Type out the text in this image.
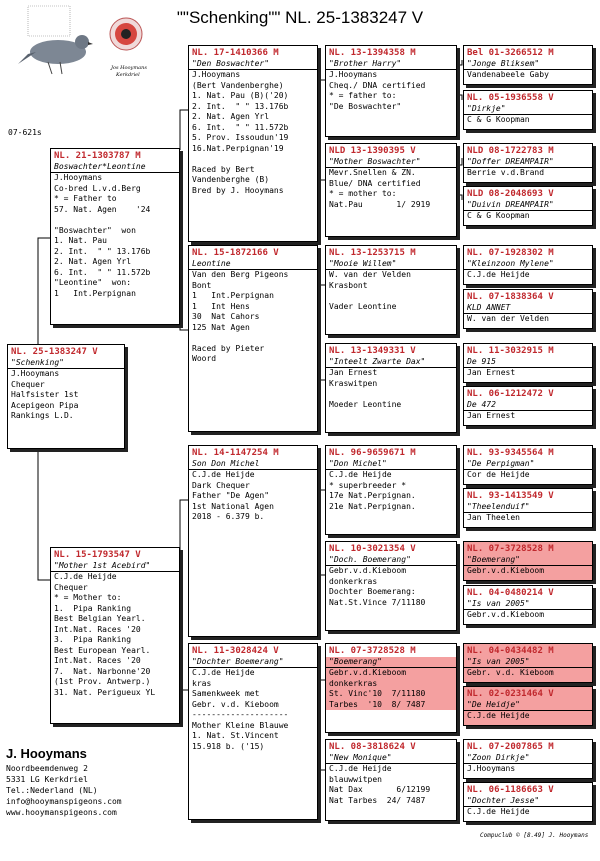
""Schenking"" NL. 25-1383247 V
Jos Hooymans
Kerkdriel
07-621s
NL. 25-1383247 V
"Schenking"
J.Hooymans
Chequer
Halfsister 1st
Acepigeon Pipa
Rankings L.D.
NL. 21-1303787 M
Boswachter*Leontine
J.Hooymans
Co-bred L.v.d.Berg
* = Father to
57. Nat. Agen    '24

"Boswachter"  won
1. Nat. Pau
2. Int.  " " 13.176b
2. Nat. Agen Yrl
6. Int.  " " 11.572b
"Leontine"  won:
1   Int.Perpignan
NL. 15-1793547 V
"Mother 1st Acebird"
C.J.de Heijde
Chequer
* = Mother to:
1.  Pipa Ranking
Best Belgian Yearl.
Int.Nat. Races '20
3.  Pipa Ranking
Best European Yearl.
Int.Nat. Races '20
7.  Nat. Narbonne'20
(1st Prov. Antwerp.)
31. Nat. Perigueux YL
NL. 17-1410366 M
"Den Boswachter"
J.Hooymans
(Bert Vandenberghe)
1. Nat. Pau (B)('20)
2. Int.  " " 13.176b
2. Nat. Agen Yrl
6. Int.  " " 11.572b
5. Prov. Issoudun'19
16.Nat.Perpignan'19

Raced by Bert
Vandenberghe (B)
Bred by J. Hooymans
NL. 15-1872166 V
Leontine
Van den Berg Pigeons
Bont
1   Int.Perpignan
1   Int Hens
30  Nat Cahors
125 Nat Agen

Raced by Pieter
Woord
NL. 14-1147254 M
Son Don Michel
C.J.de Heijde
Dark Chequer
Father "De Agen"
1st National Agen
2018 - 6.379 b.
NL. 11-3028424 V
"Dochter Boemerang"
C.J.de Heijde
kras
Samenkweek met
Gebr. v.d. Kieboom
--------------------
Mother Kleine Blauwe
1. Nat. St.Vincent
15.918 b. ('15)
NL. 13-1394358 M
"Brother Harry"
J.Hooymans
Cheq./ DNA certified
* = father to:
"De Boswachter"
NLD 13-1390395 V
"Mother Boswachter"
Mevr.Snellen & ZN.
Blue/ DNA certified
* = mother to:
Nat.Pau       1/ 2919
NL. 13-1253715 M
"Mooie Willem"
W. van der Velden
Krasbont

Vader Leontine
NL. 13-1349331 V
"Inteelt Zwarte Dax"
Jan Ernest
Kraswitpen

Moeder Leontine
NL. 96-9659671 M
"Don Michel"
C.J.de Heijde
* superbreeder *
17e Nat.Perpignan.
21e Nat.Perpignan.
NL. 10-3021354 V
"Doch. Boemerang"
Gebr.v.d.Kieboom
donkerkras
Dochter Boemerang:
Nat.St.Vince 7/11180
NL. 07-3728528 M
"Boemerang"
Gebr.v.d.Kieboom
donkerkras
St. Vinc'10  7/11180
Tarbes  '10  8/ 7487
NL. 08-3818624 V
"New Monique"
C.J.de Heijde
blauwwitpen
Nat Dax       6/12199
Nat Tarbes  24/ 7487
Bel 01-3266512 M
"Jonge Bliksem"
Vandenabeele Gaby
NL. 05-1936558 V
"Dirkje"
C & G Koopman
NLD 08-1722783 M
"Doffer DREAMPAIR"
Berrie v.d.Brand
NLD 08-2048693 V
"Duivin DREAMPAIR"
C & G Koopman
NL. 07-1928302 M
"Kleinzoon Mylene"
C.J.de Heijde
NL. 07-1838364 V
KLD ANNET
W. van der Velden
NL. 11-3032915 M
De 915
Jan Ernest
NL. 06-1212472 V
De 472
Jan Ernest
NL. 93-9345564 M
"De Perpigman"
Cor de Heijde
NL. 93-1413549 V
"Theelenduif"
Jan Theelen
NL. 07-3728528 M
"Boemerang"
Gebr.v.d.Kieboom
NL. 04-0480214 V
"Is van 2005"
Gebr.v.d.Kieboom
NL. 04-0434482 M
"Is van 2005"
Gebr. v.d. Kieboom
NL. 02-0231464 V
"De Heidje"
C.J.de Heijde
NL. 07-2007865 M
"Zoon Dirkje"
J.Hooymans
NL. 06-1186663 V
"Dochter Jesse"
C.J.de Heijde
J. Hooymans
Noordbeemdenweg 2
5331 LG Kerkdriel
Tel.:Nederland (NL)
info@hooymanspigeons.com
www.hooymanspigeons.com
Compuclub © [8.49] J. Hooymans
